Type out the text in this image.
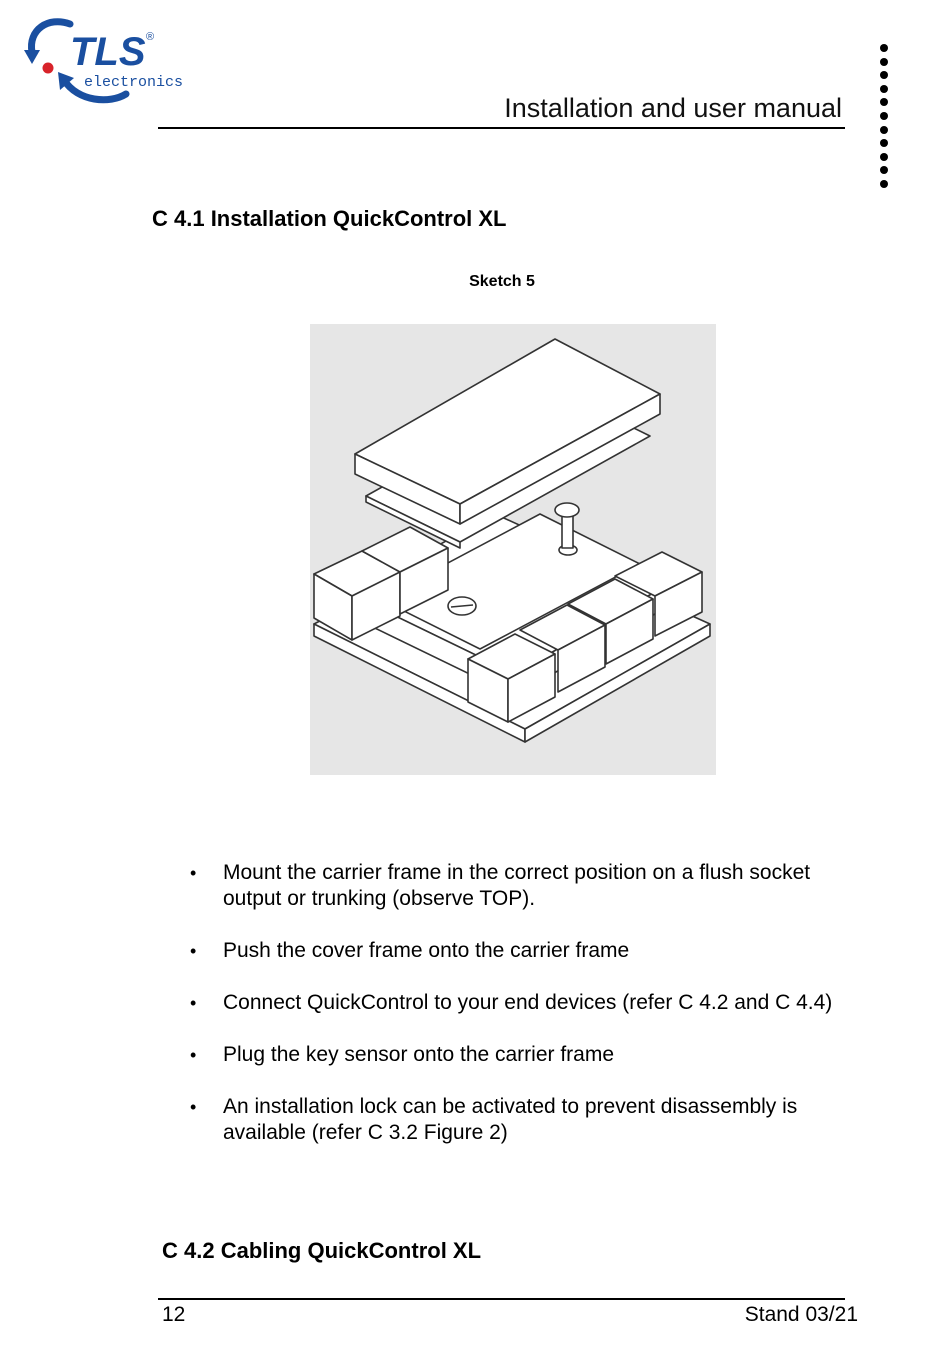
TLS ®
electronics
Installation and user manual
C 4.1 Installation QuickControl XL
Sketch 5
• Mount the carrier frame in the correct position on a flush socket output or trunking (observe TOP).
• Push the cover frame onto the carrier frame
• Connect QuickControl to your end devices (refer C 4.2 and C 4.4)
• Plug the key sensor onto the carrier frame
• An installation lock can be activated to prevent disassembly is available (refer C 3.2 Figure 2)
C 4.2 Cabling QuickControl XL
12	Stand 03/21
